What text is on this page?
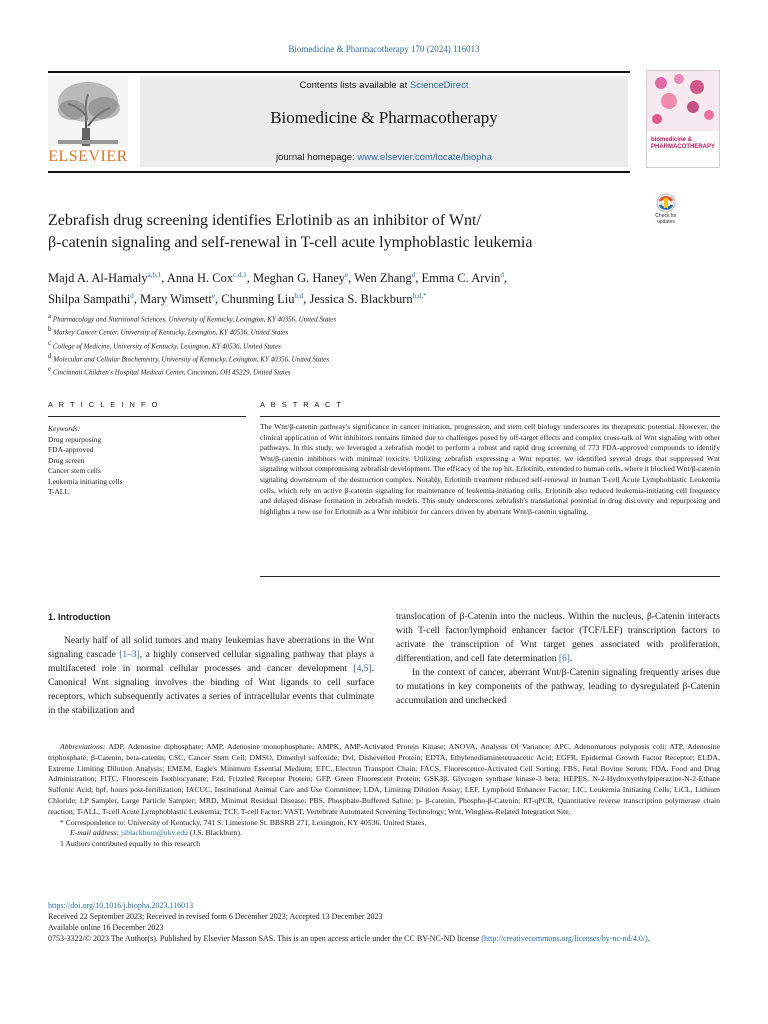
Biomedicine & Pharmacotherapy 170 (2024) 116013
ELSEVIER
Contents lists available at ScienceDirect
Biomedicine & Pharmacotherapy
journal homepage: www.elsevier.com/locate/biopha
biomedicine & PHARMACOTHERAPY
Check for updates
Zebrafish drug screening identifies Erlotinib as an inhibitor of Wnt/
β-catenin signaling and self-renewal in T-cell acute lymphoblastic leukemia
Majd A. Al-Hamaly$^{a,b,1}$, Anna H. Cox$^{c,d,1}$, Meghan G. Haney$^e$, Wen Zhang$^d$, Emma C. Arvin$^d$,
Shilpa Sampathi$^d$, Mary Wimsett$^e$, Chunming Liu$^{b,d}$, Jessica S. Blackburn$^{b,d,*}$
$^a$ Pharmacology and Nutritional Sciences, University of Kentucky, Lexington, KY 40356, United States
$^b$ Markey Cancer Center, University of Kentucky, Lexington, KY 40536, United States
$^c$ College of Medicine, University of Kentucky, Lexington, KY 40536, United States
$^d$ Molecular and Cellular Biochemistry, University of Kentucky, Lexington, KY 40356, United States
$^e$ Cincinnati Children's Hospital Medical Center, Cincinnati, OH 45229, United States
A R T I C L E I N F O	A B S T R A C T
Keywords:
Drug repurposing
FDA-approved
Drug screen
Cancer stem cells
Leukemia initiating cells
T-ALL
The Wnt/β-catenin pathway's significance in cancer initiation, progression, and stem cell biology underscores its therapeutic potential. However, the clinical application of Wnt inhibitors remains limited due to challenges posed by off-target effects and complex cross-talk of Wnt signaling with other pathways. In this study, we leveraged a zebrafish model to perform a robust and rapid drug screening of 773 FDA-approved compounds to identify Wnt/β-catenin inhibitors with minimal toxicity. Utilizing zebrafish expressing a Wnt reporter, we identified several drugs that suppressed Wnt signaling without compromising zebrafish development. The efficacy of the top hit, Erlotinib, extended to human cells, where it blocked Wnt/β-catenin signaling downstream of the destruction complex. Notably, Erlotinib treatment reduced self-renewal in human T-cell Acute Lymphoblastic Leukemia cells, which rely on active β-catenin signaling for maintenance of leukemia-initiating cells. Erlotinib also reduced leukemia-initiating cell frequency and delayed disease formation in zebrafish models. This study underscores zebrafish's translational potential in drug discovery and repurposing and highlights a new use for Erlotinib as a Wnt inhibitor for cancers driven by aberrant Wnt/β-catenin signaling.
1. Introduction

Nearly half of all solid tumors and many leukemias have aberrations in the Wnt signaling cascade [1–3], a highly conserved cellular signaling pathway that plays a multifaceted role in normal cellular processes and cancer development [4,5]. Canonical Wnt signaling involves the binding of Wnt ligands to cell surface receptors, which subsequently activates a series of intracellular events that culminate in the stabilization and

translocation of β-Catenin into the nucleus. Within the nucleus, β-Catenin interacts with T-cell factor/lymphoid enhancer factor (TCF/LEF) transcription factors to activate the transcription of Wnt target genes associated with proliferation, differentiation, and cell fate determination [6].

In the context of cancer, aberrant Wnt/β-Catenin signaling frequently arises due to mutations in key components of the pathway, leading to dysregulated β-Catenin accumulation and unchecked

Abbreviations: ADP, Adenosine diphosphate; AMP, Adenosine monophosphate; AMPK, AMP-Activated Protein Kinase; ANOVA, Analysis Of Variance; APC, Adenomatous polyposis coli; ATP, Adenosine triphosphate; β-Catenin, beta-catenin; CSC, Cancer Stem Cell; DMSO, Dimethyl sulfoxide; Dvl, Dishevelled Protein; EDTA, Ethylenediaminetetraacetic Acid; EGFR, Epidermal Growth Factor Receptor; ELDA, Extreme Limiting Dilution Analysis; EMEM, Eagle's Minimum Essential Medium; ETC, Electron Transport Chain; FACS, Fluorescence-Activated Cell Sorting; FBS, Fetal Bovine Serum; FDA, Food and Drug Administration; FITC, Fluorescein Isothiocyanate; Fzd, Frizzled Receptor Protein; GFP, Green Fluorescent Protein; GSK3β, Glycogen synthase kinase-3 beta; HEPES, N-2-Hydroxyethylpiperazine-N-2-Ethane Sulfonic Acid; hpf, hours post-fertilization; IACUC, Institutional Animal Care and Use Committee; LDA, Limiting Dilution Assay; LEF, Lymphoid Enhancer Factor; LIC, Leukemia Initiating Cells; LiCL, Lithium Chloride; LP Sampler, Large Particle Sampler; MRD, Minimal Residual Disease; PBS, Phosphate-Buffered Saline; p- β-catenin, Phospho-β-Catenin; RT-qPCR, Quantitative reverse transcription polymerase chain reaction; T-ALL, T-cell Acute Lymphoblastic Leukemia; TCF, T-cell Factor; VAST, Vertebrate Automated Screening Technology; Wnt, Wingless-Related Integration Site.

* Correspondence to: University of Kentucky, 741 S. Limestone St. BBSRB 271, Lexington, KY 40536, United States.

E-mail address: jsblackburn@uky.edu (J.S. Blackburn).

1 Authors contributed equally to this research

https://doi.org/10.1016/j.biopha.2023.116013

Received 22 September 2023; Received in revised form 6 December 2023; Accepted 13 December 2023

Available online 16 December 2023

0753-3322/© 2023 The Author(s). Published by Elsevier Masson SAS. This is an open access article under the CC BY-NC-ND license (http://creativecommons.org/licenses/by-nc-nd/4.0/).
